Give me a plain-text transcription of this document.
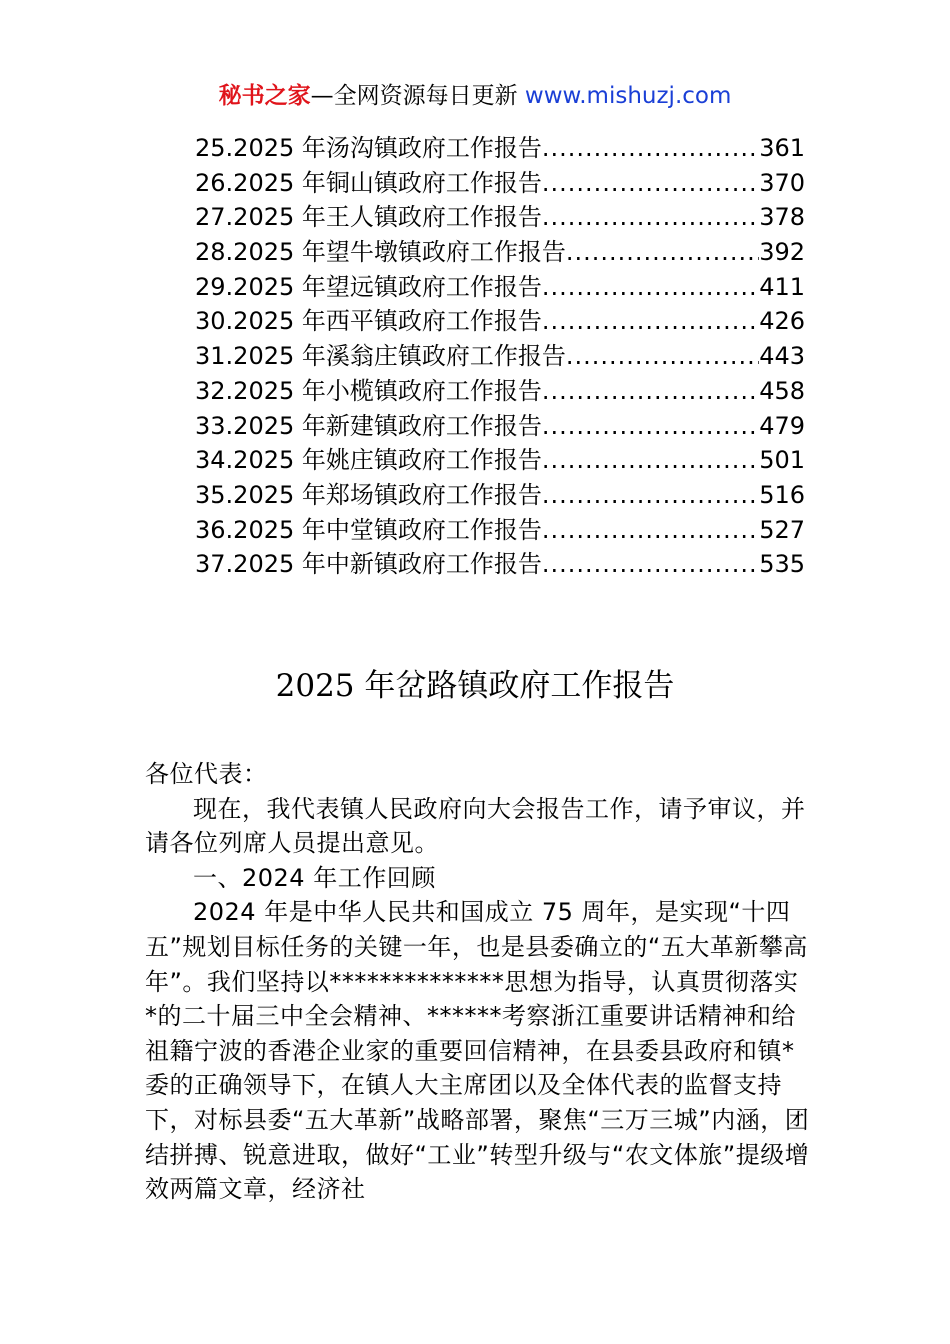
秘书之家—全网资源每日更新 www.mishuzj.com
25.2025 年汤沟镇政府工作报告 .....	361
26.2025 年铜山镇政府工作报告 .....	370
27.2025 年王人镇政府工作报告 .....	378
28.2025 年望牛墩镇政府工作报告 .....	392
29.2025 年望远镇政府工作报告 .....	411
30.2025 年西平镇政府工作报告 .....	426
31.2025 年溪翁庄镇政府工作报告 .....	443
32.2025 年小榄镇政府工作报告 .....	458
33.2025 年新建镇政府工作报告 .....	479
34.2025 年姚庄镇政府工作报告 .....	501
35.2025 年郑场镇政府工作报告 .....	516
36.2025 年中堂镇政府工作报告 .....	527
37.2025 年中新镇政府工作报告 .....	535
2025 年岔路镇政府工作报告

各位代表：

现在，我代表镇人民政府向大会报告工作，请予审议，并请各位列席人员提出意见。

一、2024 年工作回顾

2024 年是中华人民共和国成立 75 周年，是实现“十四五”规划目标任务的关键一年，也是县委确立的“五大革新攀高年”。我们坚持以**************思想为指导，认真贯彻落实*的二十届三中全会精神、******考察浙江重要讲话精神和给祖籍宁波的香港企业家的重要回信精神，在县委县政府和镇*委的正确领导下，在镇人大主席团以及全体代表的监督支持下，对标县委“五大革新”战略部署，聚焦“三万三城”内涵，团结拼搏、锐意进取，做好“工业”转型升级与“农文体旅”提级增效两篇文章，经济社
